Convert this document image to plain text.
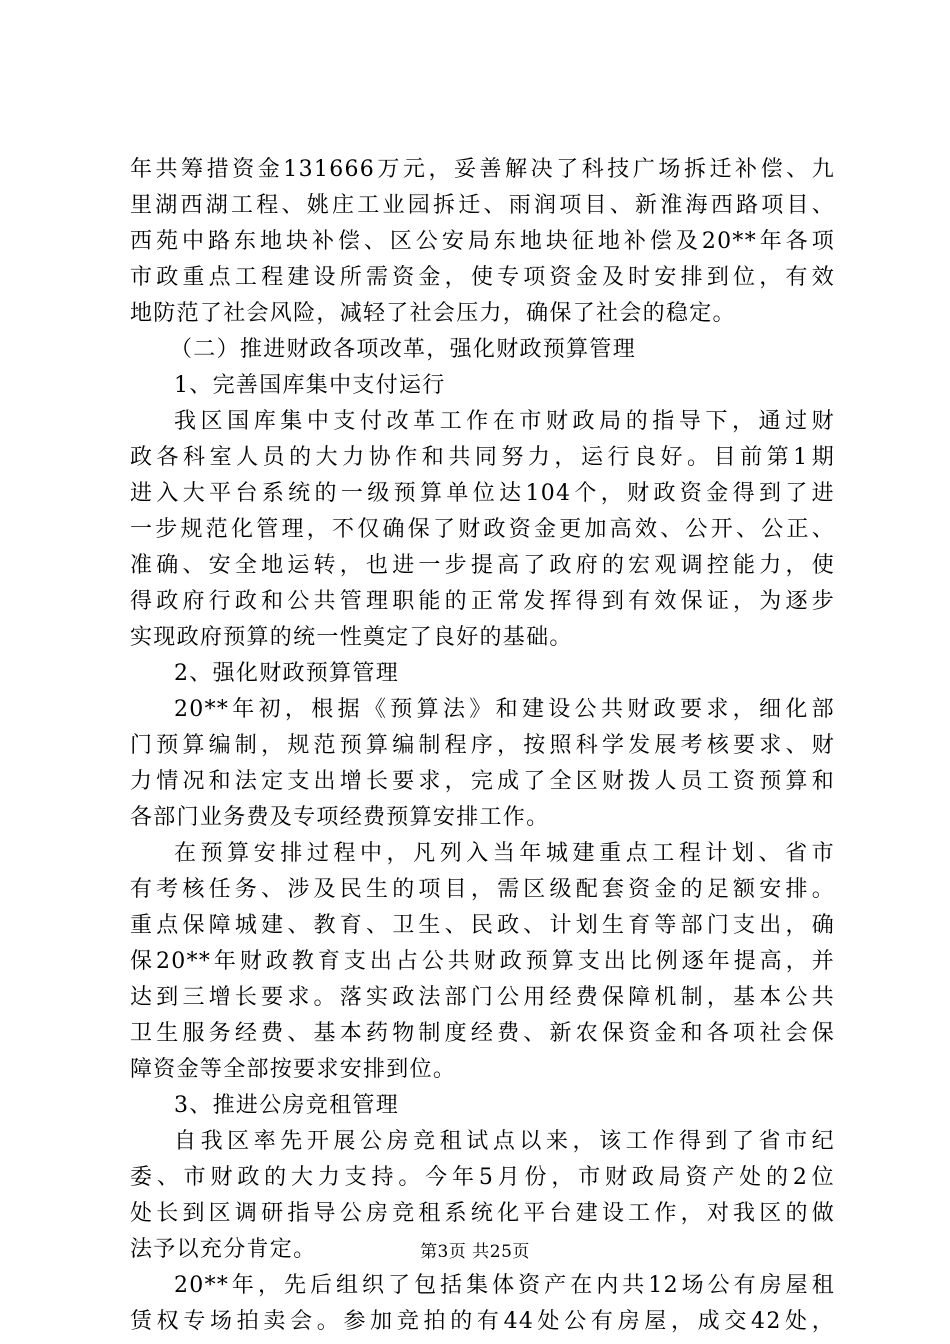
年共筹措资金131666万元，妥善解决了科技广场拆迁补偿、九
里湖西湖工程、姚庄工业园拆迁、雨润项目、新淮海西路项目、
西苑中路东地块补偿、区公安局东地块征地补偿及20**年各项
市政重点工程建设所需资金，使专项资金及时安排到位，有效
地防范了社会风险，减轻了社会压力，确保了社会的稳定。
（二）推进财政各项改革，强化财政预算管理
1、完善国库集中支付运行
我区国库集中支付改革工作在市财政局的指导下，通过财
政各科室人员的大力协作和共同努力，运行良好。目前第1期
进入大平台系统的一级预算单位达104个，财政资金得到了进
一步规范化管理，不仅确保了财政资金更加高效、公开、公正、
准确、安全地运转，也进一步提高了政府的宏观调控能力，使
得政府行政和公共管理职能的正常发挥得到有效保证，为逐步
实现政府预算的统一性奠定了良好的基础。
2、强化财政预算管理
20**年初，根据《预算法》和建设公共财政要求，细化部
门预算编制，规范预算编制程序，按照科学发展考核要求、财
力情况和法定支出增长要求，完成了全区财拨人员工资预算和
各部门业务费及专项经费预算安排工作。
在预算安排过程中，凡列入当年城建重点工程计划、省市
有考核任务、涉及民生的项目，需区级配套资金的足额安排。
重点保障城建、教育、卫生、民政、计划生育等部门支出，确
保20**年财政教育支出占公共财政预算支出比例逐年提高，并
达到三增长要求。落实政法部门公用经费保障机制，基本公共
卫生服务经费、基本药物制度经费、新农保资金和各项社会保
障资金等全部按要求安排到位。
3、推进公房竞租管理
自我区率先开展公房竞租试点以来，该工作得到了省市纪
委、市财政的大力支持。今年5月份，市财政局资产处的2位
处长到区调研指导公房竞租系统化平台建设工作，对我区的做
法予以充分肯定。
20**年，先后组织了包括集体资产在内共12场公有房屋租
赁权专场拍卖会。参加竞拍的有44处公有房屋，成交42处，
第3页 共25页
